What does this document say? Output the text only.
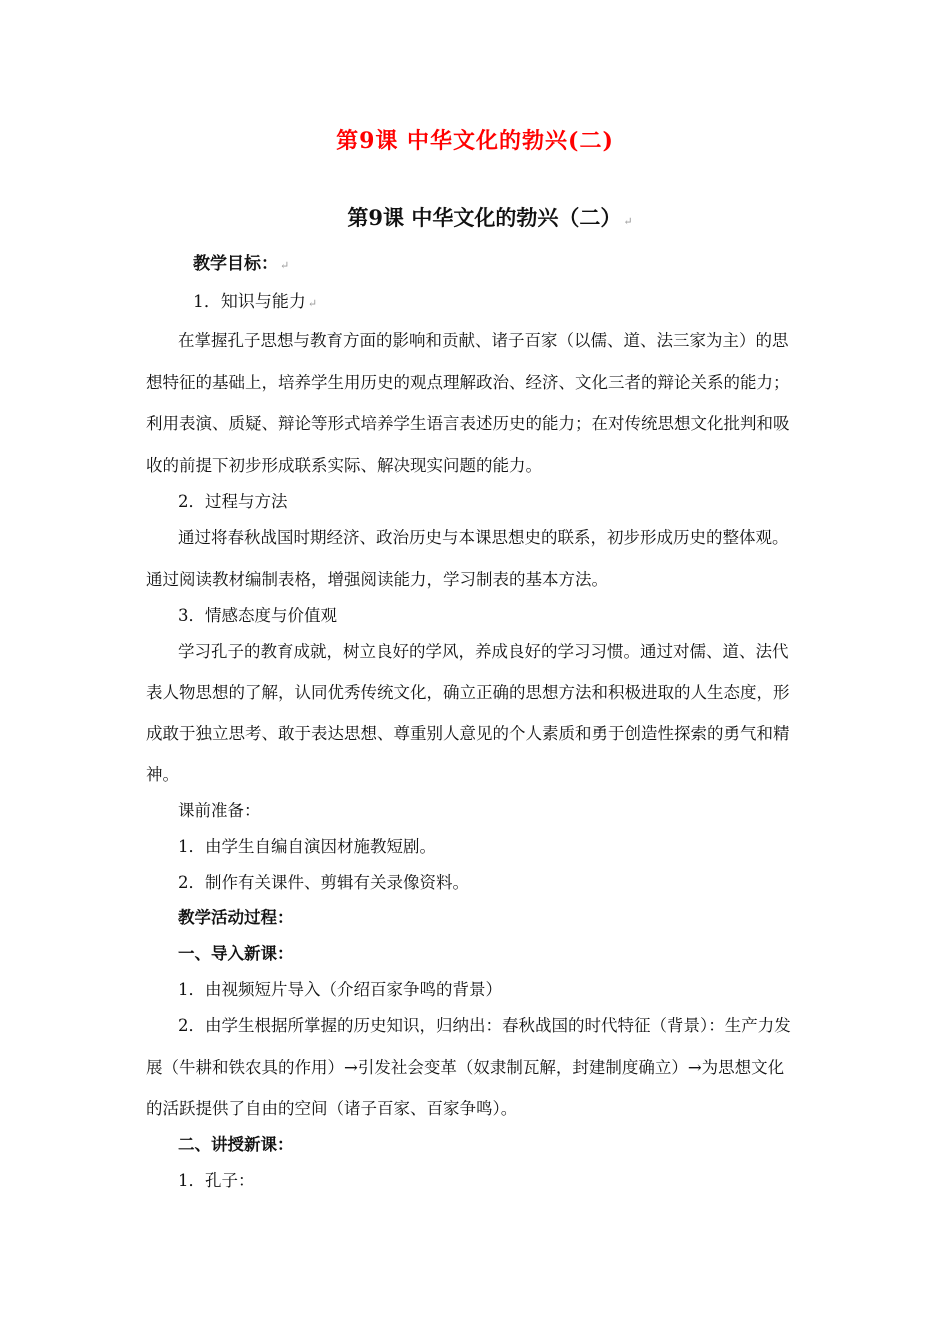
第9课 中华文化的勃兴(二)
第9课 中华文化的勃兴（二） ↵
教学目标： ↵
1．知识与能力 ↵
在掌握孔子思想与教育方面的影响和贡献、诸子百家（以儒、道、法三家为主）的思
想特征的基础上，培养学生用历史的观点理解政治、经济、文化三者的辩论关系的能力；
利用表演、质疑、辩论等形式培养学生语言表述历史的能力；在对传统思想文化批判和吸
收的前提下初步形成联系实际、解决现实问题的能力。
2．过程与方法
通过将春秋战国时期经济、政治历史与本课思想史的联系，初步形成历史的整体观。
通过阅读教材编制表格，增强阅读能力，学习制表的基本方法。
3．情感态度与价值观
学习孔子的教育成就，树立良好的学风，养成良好的学习习惯。通过对儒、道、法代
表人物思想的了解，认同优秀传统文化，确立正确的思想方法和积极进取的人生态度，形
成敢于独立思考、敢于表达思想、尊重别人意见的个人素质和勇于创造性探索的勇气和精
神。
课前准备：
1．由学生自编自演因材施教短剧。
2．制作有关课件、剪辑有关录像资料。
教学活动过程：
一、导入新课：
1．由视频短片导入（介绍百家争鸣的背景）
2．由学生根据所掌握的历史知识，归纳出：春秋战国的时代特征（背景）：生产力发
展（牛耕和铁农具的作用）→引发社会变革（奴隶制瓦解，封建制度确立）→为思想文化
的活跃提供了自由的空间（诸子百家、百家争鸣）。
二、讲授新课：
1．孔子：
